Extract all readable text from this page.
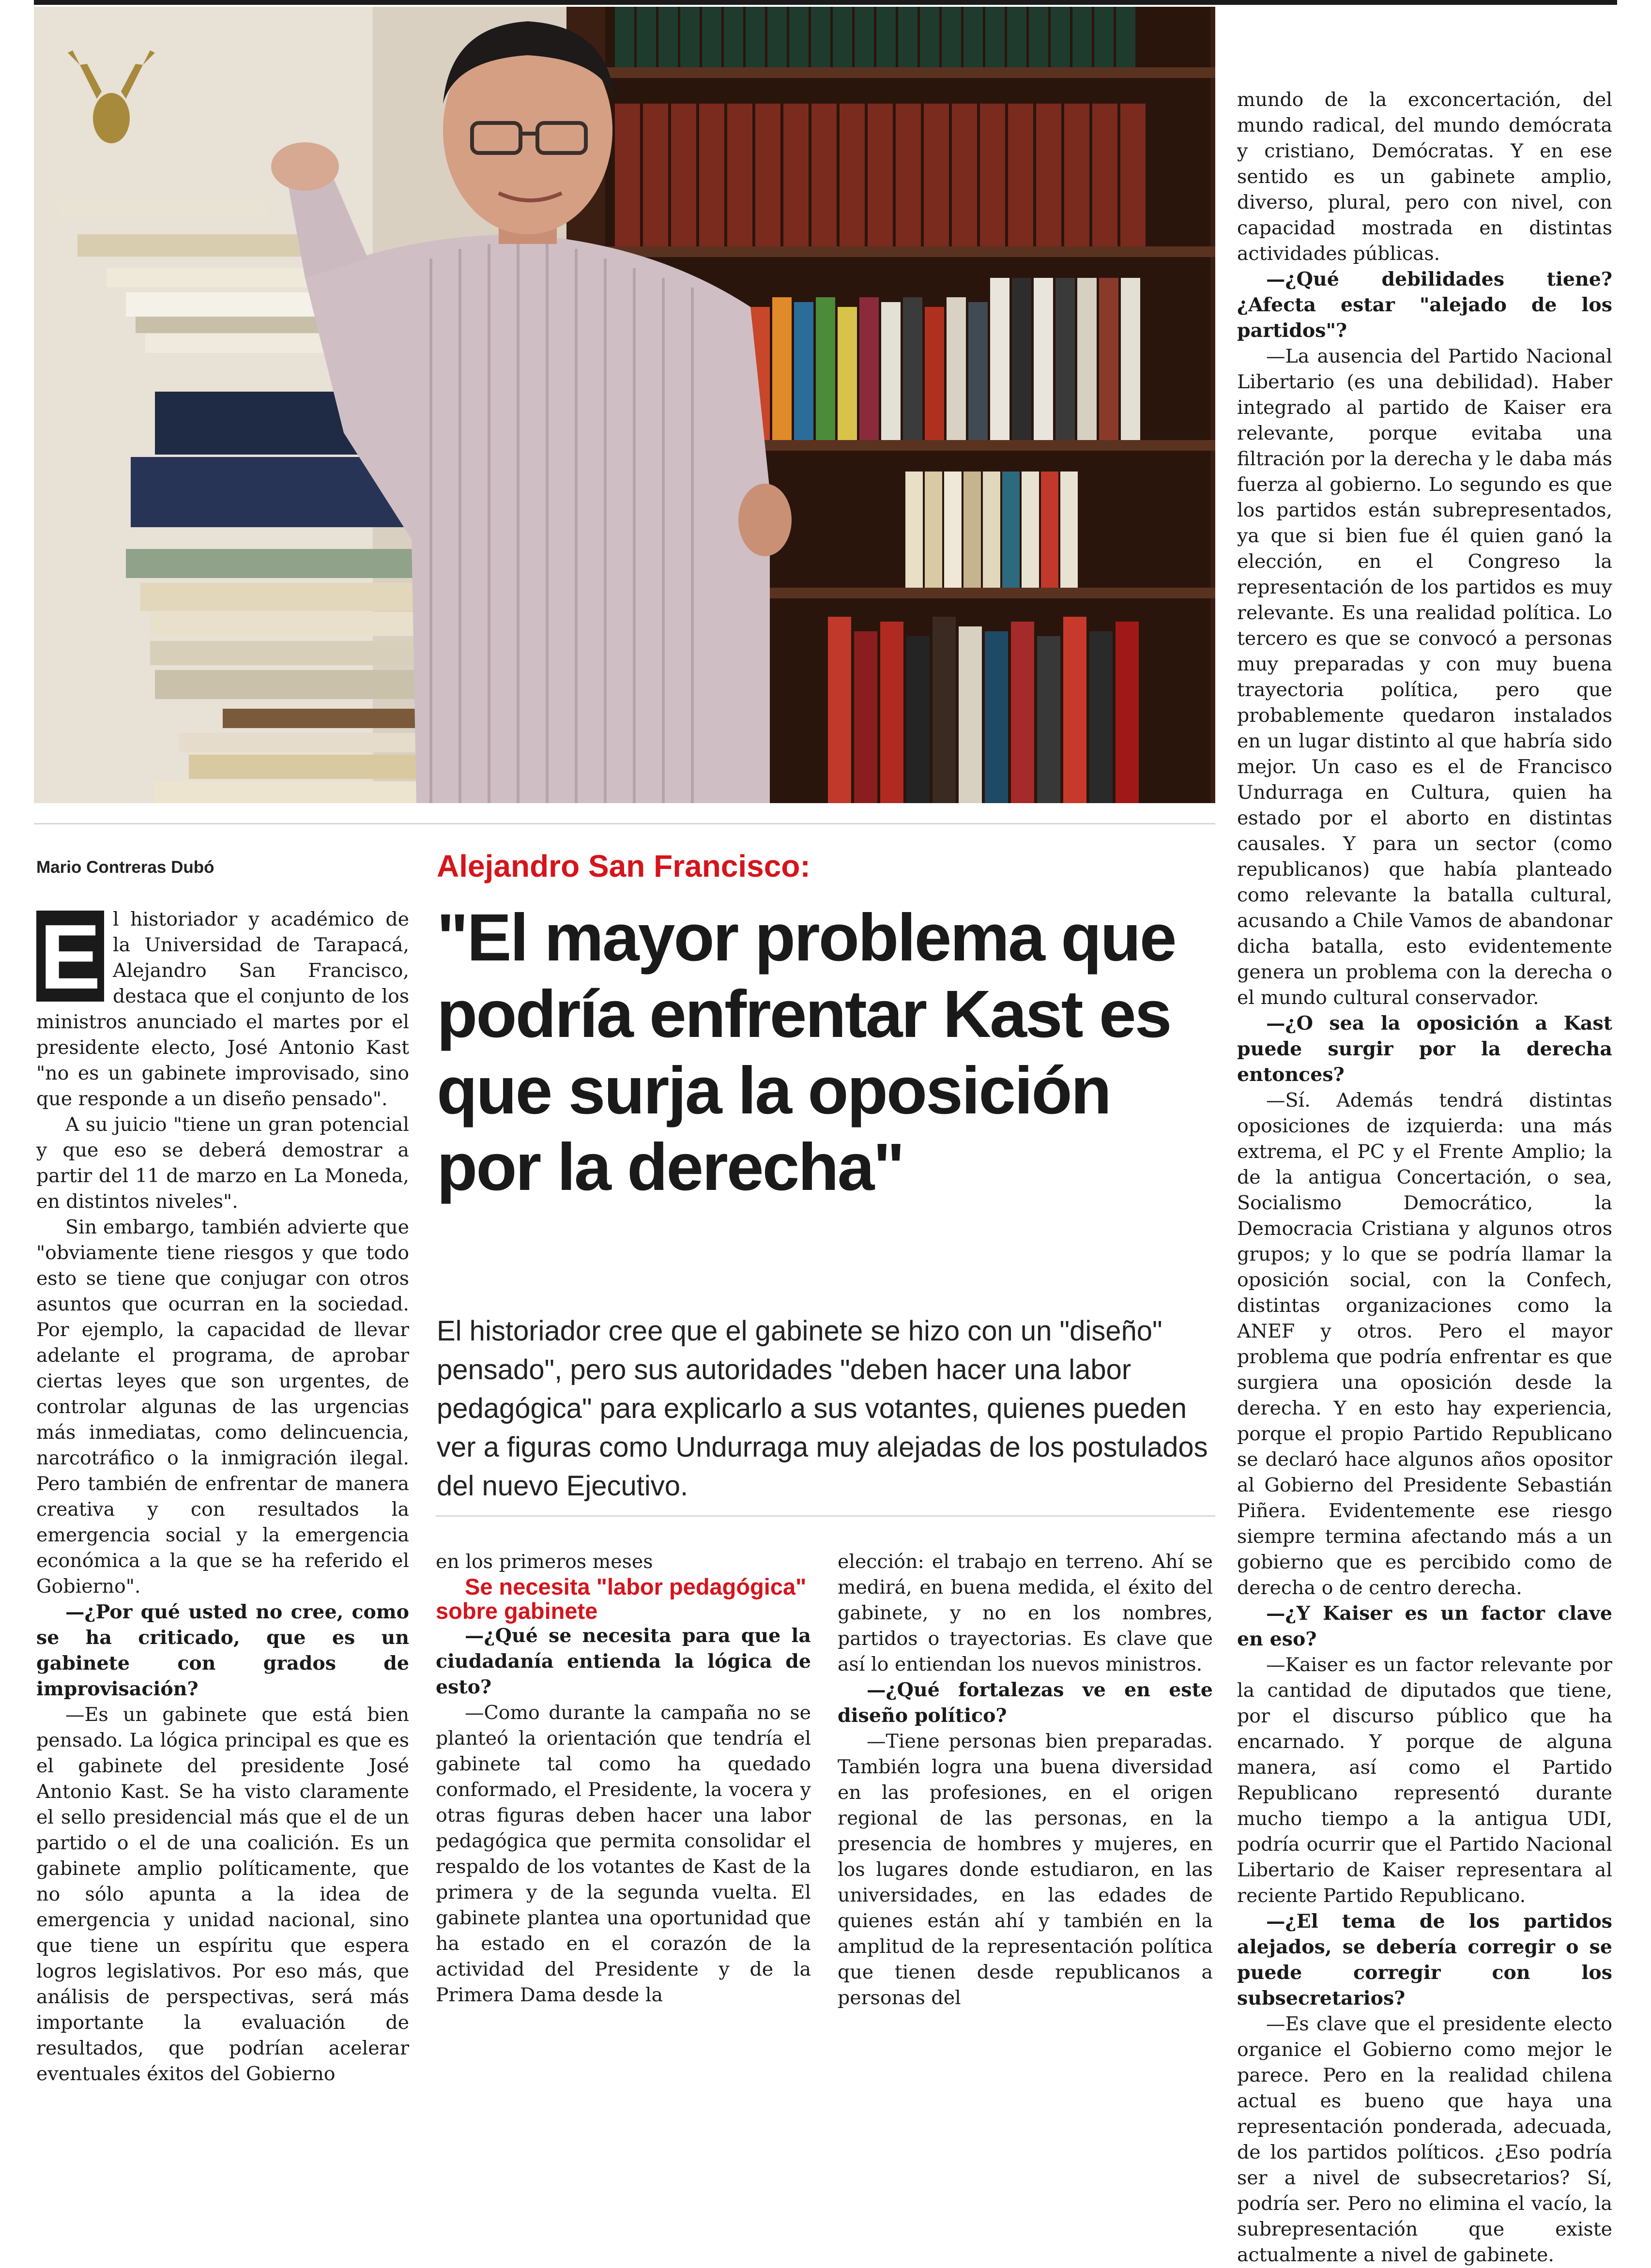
Mario Contreras Dubó	Alejandro San Francisco:
"El mayor problema que podría enfrentar Kast es que surja la oposición por la derecha"
El historiador cree que el gabinete se hizo con un "diseño" pensado", pero sus autoridades "deben hacer una labor pedagógica" para explicarlo a sus votantes, quienes pueden ver a figuras como Undurraga muy alejadas de los postulados del nuevo Ejecutivo.
E l historiador y académico de la Universidad de Tarapacá, Alejandro San Francisco, destaca que el conjunto de los ministros anunciado el martes por el presidente electo, José Antonio Kast "no es un gabinete improvisado, sino que responde a un diseño pensado".

A su juicio "tiene un gran potencial y que eso se deberá demostrar a partir del 11 de marzo en La Moneda, en distintos niveles".

Sin embargo, también advierte que "obviamente tiene riesgos y que todo esto se tiene que conjugar con otros asuntos que ocurran en la sociedad. Por ejemplo, la capacidad de llevar adelante el programa, de aprobar ciertas leyes que son urgentes, de controlar algunas de las urgencias más inmediatas, como delincuencia, narcotráfico o la inmigración ilegal. Pero también de enfrentar de manera creativa y con resultados la emergencia social y la emergencia económica a la que se ha referido el Gobierno".

—¿Por qué usted no cree, como se ha criticado, que es un gabinete con grados de improvisación?

—Es un gabinete que está bien pensado. La lógica principal es que es el gabinete del presidente José Antonio Kast. Se ha visto claramente el sello presidencial más que el de un partido o el de una coalición. Es un gabinete amplio políticamente, que no sólo apunta a la idea de emergencia y unidad nacional, sino que tiene un espíritu que espera logros legislativos. Por eso más, que análisis de perspectivas, será más importante la evaluación de resultados, que podrían acelerar eventuales éxitos del Gobierno

en los primeros meses

Se necesita "labor pedagógica" sobre gabinete

—¿Qué se necesita para que la ciudadanía entienda la lógica de esto?

—Como durante la campaña no se planteó la orientación que tendría el gabinete tal como ha quedado conformado, el Presidente, la vocera y otras figuras deben hacer una labor pedagógica que permita consolidar el respaldo de los votantes de Kast de la primera y de la segunda vuelta. El gabinete plantea una oportunidad que ha estado en el corazón de la actividad del Presidente y de la Primera Dama desde la

elección: el trabajo en terreno. Ahí se medirá, en buena medida, el éxito del gabinete, y no en los nombres, partidos o trayectorias. Es clave que así lo entiendan los nuevos ministros.

—¿Qué fortalezas ve en este diseño político?

—Tiene personas bien preparadas. También logra una buena diversidad en las profesiones, en el origen regional de las personas, en la presencia de hombres y mujeres, en los lugares donde estudiaron, en las universidades, en las edades de quienes están ahí y también en la amplitud de la representación política que tienen desde republicanos a personas del

mundo de la exconcertación, del mundo radical, del mundo demócrata y cristiano, Demócratas. Y en ese sentido es un gabinete amplio, diverso, plural, pero con nivel, con capacidad mostrada en distintas actividades públicas.

—¿Qué debilidades tiene? ¿Afecta estar "alejado de los partidos"?

—La ausencia del Partido Nacional Libertario (es una debilidad). Haber integrado al partido de Kaiser era relevante, porque evitaba una filtración por la derecha y le daba más fuerza al gobierno. Lo segundo es que los partidos están subrepresentados, ya que si bien fue él quien ganó la elección, en el Congreso la representación de los partidos es muy relevante. Es una realidad política. Lo tercero es que se convocó a personas muy preparadas y con muy buena trayectoria política, pero que probablemente quedaron instalados en un lugar distinto al que habría sido mejor. Un caso es el de Francisco Undurraga en Cultura, quien ha estado por el aborto en distintas causales. Y para un sector (como republicanos) que había planteado como relevante la batalla cultural, acusando a Chile Vamos de abandonar dicha batalla, esto evidentemente genera un problema con la derecha o el mundo cultural conservador.

—¿O sea la oposición a Kast puede surgir por la derecha entonces?

—Sí. Además tendrá distintas oposiciones de izquierda: una más extrema, el PC y el Frente Amplio; la de la antigua Concertación, o sea, Socialismo Democrático, la Democracia Cristiana y algunos otros grupos; y lo que se podría llamar la oposición social, con la Confech, distintas organizaciones como la ANEF y otros. Pero el mayor problema que podría enfrentar es que surgiera una oposición desde la derecha. Y en esto hay experiencia, porque el propio Partido Republicano se declaró hace algunos años opositor al Gobierno del Presidente Sebastián Piñera. Evidentemente ese riesgo siempre termina afectando más a un gobierno que es percibido como de derecha o de centro derecha.

—¿Y Kaiser es un factor clave en eso?

—Kaiser es un factor relevante por la cantidad de diputados que tiene, por el discurso público que ha encarnado. Y porque de alguna manera, así como el Partido Republicano representó durante mucho tiempo a la antigua UDI, podría ocurrir que el Partido Nacional Libertario de Kaiser representara al reciente Partido Republicano.

—¿El tema de los partidos alejados, se debería corregir o se puede corregir con los subsecretarios?

—Es clave que el presidente electo organice el Gobierno como mejor le parece. Pero en la realidad chilena actual es bueno que haya una representación ponderada, adecuada, de los partidos políticos. ¿Eso podría ser a nivel de subsecretarios? Sí, podría ser. Pero no elimina el vacío, la subrepresentación que existe actualmente a nivel de gabinete.
